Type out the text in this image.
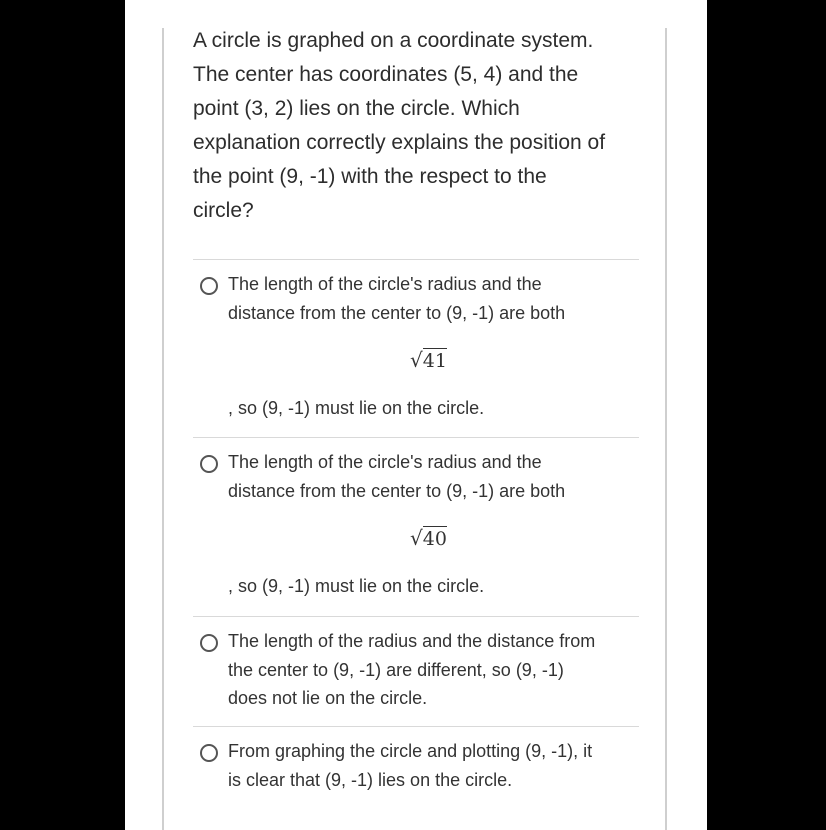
A circle is graphed on a coordinate system.
The center has coordinates (5, 4) and the
point (3, 2) lies on the circle. Which
explanation correctly explains the position of
the point (9, -1) with the respect to the
circle?
The length of the circle's radius and the
distance from the center to (9, -1) are both
√41
, so (9, -1) must lie on the circle.
The length of the circle's radius and the
distance from the center to (9, -1) are both
√40
, so (9, -1) must lie on the circle.
The length of the radius and the distance from
the center to (9, -1) are different, so (9, -1)
does not lie on the circle.
From graphing the circle and plotting (9, -1), it
is clear that (9, -1) lies on the circle.
